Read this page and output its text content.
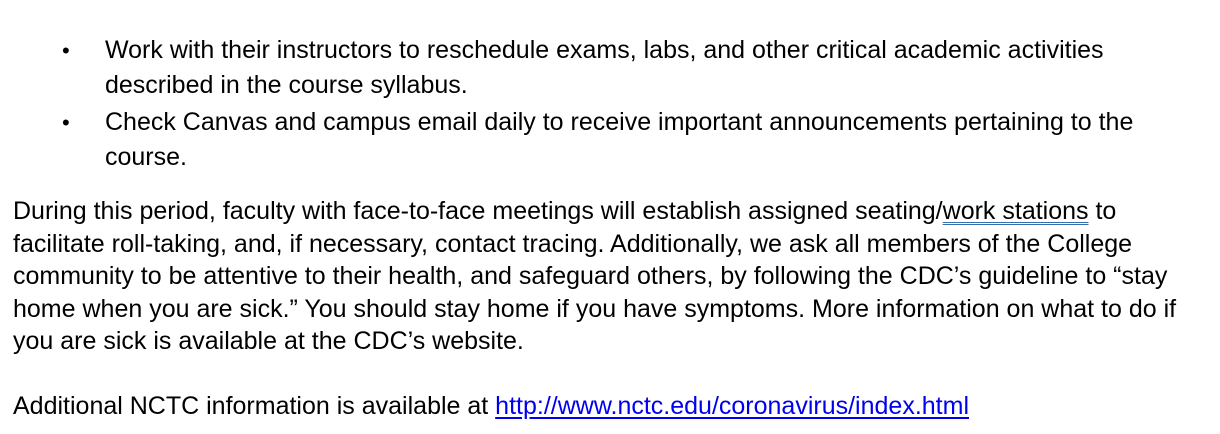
• Work with their instructors to reschedule exams, labs, and other critical academic activities described in the course syllabus.
• Check Canvas and campus email daily to receive important announcements pertaining to the course.

During this period, faculty with face-to-face meetings will establish assigned seating/work stations to facilitate roll-taking, and, if necessary, contact tracing. Additionally, we ask all members of the College community to be attentive to their health, and safeguard others, by following the CDC’s guideline to “stay home when you are sick.” You should stay home if you have symptoms. More information on what to do if you are sick is available at the CDC’s website.

Additional NCTC information is available at http://www.nctc.edu/coronavirus/index.html
